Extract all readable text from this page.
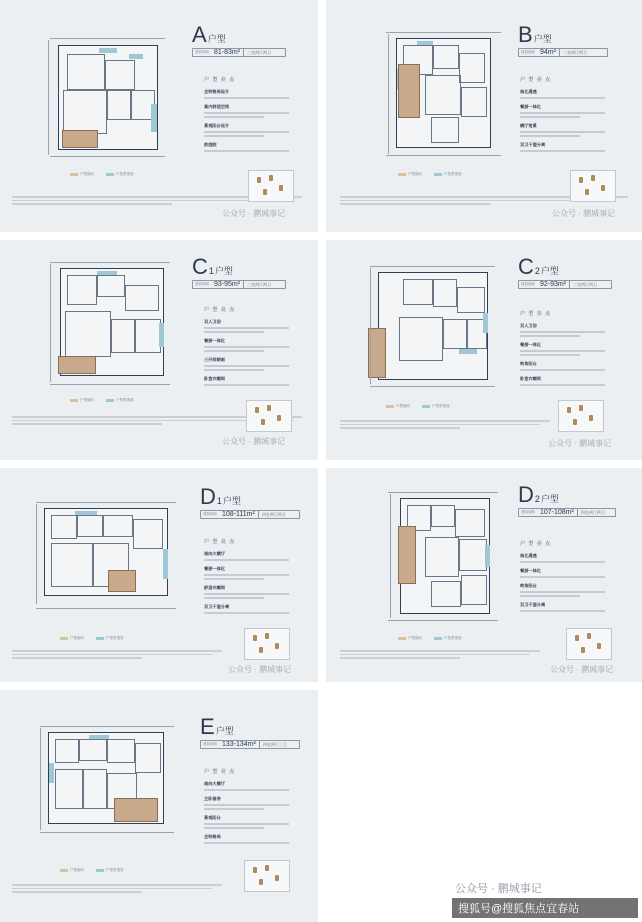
A户型
建筑面积 81-83m²	三室两厅两卫
户 型 亮 点
全明格局设计
套内舒适空间
景观阳台设计
前庭院
户型朝向	户型景观面
公众号 · 鹏城事记
B户型
建筑面积 94m²	三室两厅两卫
户 型 亮 点
南北通透
餐厨一体化
横厅宽景
双卫干湿分离
户型朝向	户型景观面
公众号 · 鹏城事记
C1户型
建筑面积 93-95m²	三室两厅两卫
户 型 亮 点
双人卫浴
餐厨一体化
三开间朝南
卧室衣帽间
户型朝向	户型景观面
公众号 · 鹏城事记
C2户型
建筑面积 92-93m²	三室两厅两卫
户 型 亮 点
双人卫浴
餐厨一体化
转角阳台
卧室衣帽间
户型朝向	户型景观面
公众号 · 鹏城事记
D1户型
建筑面积 108-111m²	四室两厅两卫
户 型 亮 点
南向大横厅
餐厨一体化
舒适衣帽间
双卫干湿分离
户型朝向	户型景观面
公众号 · 鹏城事记
D2户型
建筑面积 107-108m²	四室两厅两卫
户 型 亮 点
南北通透
餐厨一体化
转角阳台
双卫干湿分离
户型朝向	户型景观面
公众号 · 鹏城事记
E户型
建筑面积 133-134m²	四室两厅三卫
户 型 亮 点
南向大横厅
主卧套房
景观阳台
全明格局
户型朝向	户型景观面
公众号 · 鹏城事记
搜狐号@搜狐焦点宜春站
